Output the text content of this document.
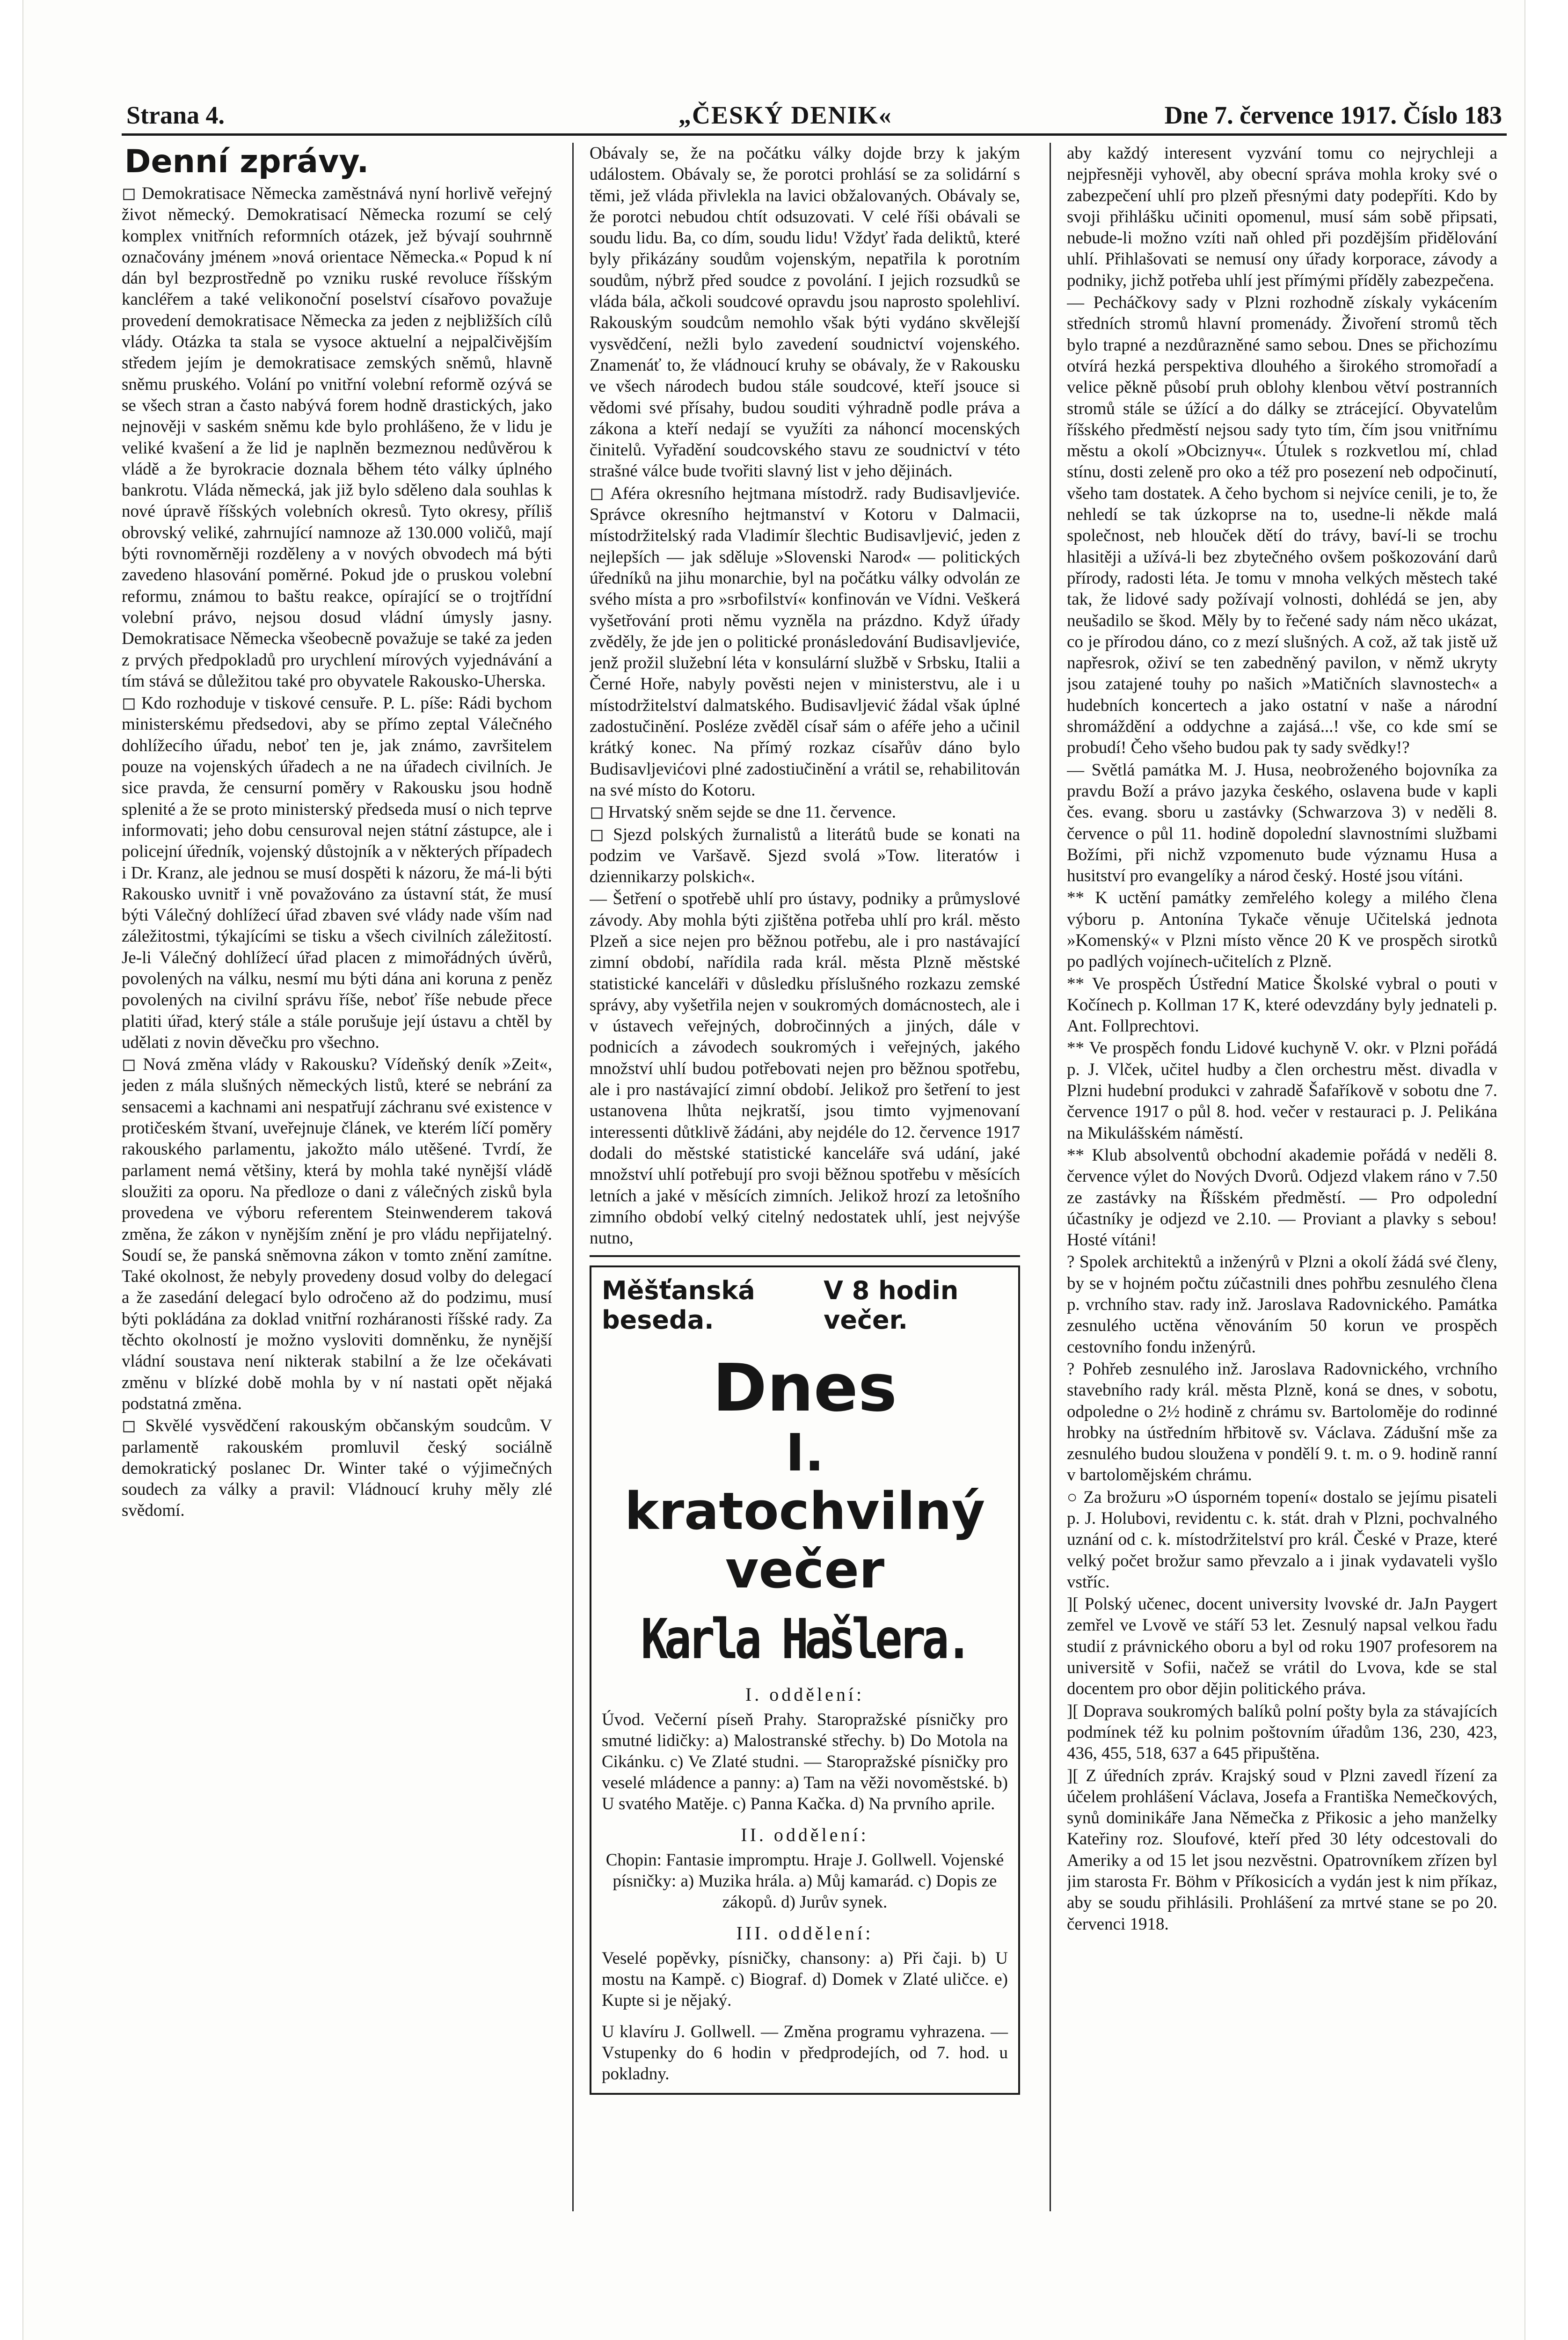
Strana 4.	„ČESKÝ DENIK«	Dne 7. července 1917. Číslo 183
Denní zprávy.

◻ Demokratisace Německa zaměstnává nyní horlivě veřejný život německý. Demokratisací Německa rozumí se celý komplex vnitřních reformních otázek, jež bývají souhrnně označovány jménem »nová orientace Německa.« Popud k ní dán byl bezprostředně po vzniku ruské revoluce říšským kancléřem a také velikonoční poselství císařovo považuje provedení demokratisace Německa za jeden z nejbližších cílů vlády. Otázka ta stala se vysoce aktuelní a nejpalčivějším středem jejím je demokratisace zemských sněmů, hlavně sněmu pruského. Volání po vnitřní volební reformě ozývá se se všech stran a často nabývá forem hodně drastických, jako nejnověji v saském sněmu kde bylo prohlášeno, že v lidu je veliké kvašení a že lid je naplněn bezmeznou nedůvěrou k vládě a že byrokracie doznala během této války úplného bankrotu. Vláda německá, jak již bylo sděleno dala souhlas k nové úpravě říšských volebních okresů. Tyto okresy, příliš obrovský veliké, zahrnující namnoze až 130.000 voličů, mají býti rovnoměrněji rozděleny a v nových obvodech má býti zavedeno hlasování poměrné. Pokud jde o pruskou volební reformu, známou to baštu reakce, opírající se o trojtřídní volební právo, nejsou dosud vládní úmysly jasny. Demokratisace Německa všeobecně považuje se také za jeden z prvých předpokladů pro urychlení mírových vyjednávání a tím stává se důležitou také pro obyvatele Rakousko-Uherska.

◻ Kdo rozhoduje v tiskové censuře. P. L. píše: Rádi bychom ministerskému předsedovi, aby se přímo zeptal Válečného dohlížecího úřadu, neboť ten je, jak známo, završitelem pouze na vojenských úřadech a ne na úřadech civilních. Je sice pravda, že censurní poměry v Rakousku jsou hodně splenité a že se proto ministerský předseda musí o nich teprve informovati; jeho dobu censuroval nejen státní zástupce, ale i policejní úředník, vojenský důstojník a v některých případech i Dr. Kranz, ale jednou se musí dospěti k názoru, že má-li býti Rakousko uvnitř i vně považováno za ústavní stát, že musí býti Válečný dohlížecí úřad zbaven své vlády nade vším nad záležitostmi, týkajícími se tisku a všech civilních záležitostí. Je-li Válečný dohlížecí úřad placen z mimořádných úvěrů, povolených na válku, nesmí mu býti dána ani koruna z peněz povolených na civilní správu říše, neboť říše nebude přece platiti úřad, který stále a stále porušuje její ústavu a chtěl by udělati z novin děvečku pro všechno.

◻ Nová změna vlády v Rakousku? Vídeňský deník »Zeit«, jeden z mála slušných německých listů, které se nebrání za sensacemi a kachnami ani nespatřují záchranu své existence v protičeském štvaní, uveřejnuje článek, ve kterém líčí poměry rakouského parlamentu, jakožto málo utěšené. Tvrdí, že parlament nemá většiny, která by mohla také nynější vládě sloužiti za oporu. Na předloze o dani z válečných zisků byla provedena ve výboru referentem Steinwenderem taková změna, že zákon v nynějším znění je pro vládu nepřijatelný. Soudí se, že panská sněmovna zákon v tomto znění zamítne. Také okolnost, že nebyly provedeny dosud volby do delegací a že zasedání delegací bylo odročeno až do podzimu, musí býti pokládána za doklad vnitřní rozháranosti říšské rady. Za těchto okolností je možno vysloviti domněnku, že nynější vládní soustava není nikterak stabilní a že lze očekávati změnu v blízké době mohla by v ní nastati opět nějaká podstatná změna.

◻ Skvělé vysvědčení rakouským občanským soudcům. V parlamentě rakouském promluvil český sociálně demokratický poslanec Dr. Winter také o výjimečných soudech za války a pravil: Vládnoucí kruhy měly zlé svědomí.

Obávaly se, že na počátku války dojde brzy k jakým událostem. Obávaly se, že porotci prohlásí se za solidární s těmi, jež vláda přivlekla na lavici obžalovaných. Obávaly se, že porotci nebudou chtít odsuzovati. V celé říši obávali se soudu lidu. Ba, co dím, soudu lidu! Vždyť řada deliktů, které byly přikázány soudům vojenským, nepatřila k porotním soudům, nýbrž před soudce z povolání. I jejich rozsudků se vláda bála, ačkoli soudcové opravdu jsou naprosto spolehliví. Rakouským soudcům nemohlo však býti vydáno skvělejší vysvědčení, nežli bylo zavedení soudnictví vojenského. Znamenáť to, že vládnoucí kruhy se obávaly, že v Rakousku ve všech národech budou stále soudcové, kteří jsouce si vědomi své přísahy, budou souditi výhradně podle práva a zákona a kteří nedají se využíti za náhoncí mocenských činitelů. Vyřadění soudcovského stavu ze soudnictví v této strašné válce bude tvořiti slavný list v jeho dějinách.

◻ Aféra okresního hejtmana místodrž. rady Budisavljeviće. Správce okresního hejtmanství v Kotoru v Dalmacii, místodržitelský rada Vladimír šlechtic Budisavljević, jeden z nejlepších — jak sděluje »Slovenski Narod« — politických úředníků na jihu monarchie, byl na počátku války odvolán ze svého místa a pro »srbofilství« konfinován ve Vídni. Veškerá vyšetřování proti němu vyzněla na prázdno. Když úřady zvěděly, že jde jen o politické pronásledování Budisavljeviće, jenž prožil služební léta v konsulární službě v Srbsku, Italii a Černé Hoře, nabyly pověsti nejen v ministerstvu, ale i u místodržitelství dalmatského. Budisavljević žádal však úplné zadostučinění. Posléze zvěděl císař sám o aféře jeho a učinil krátký konec. Na přímý rozkaz císařův dáno bylo Budisavljevićovi plné zadostiučinění a vrátil se, rehabilitován na své místo do Kotoru.

◻ Hrvatský sněm sejde se dne 11. července.

◻ Sjezd polských žurnalistů a literátů bude se konati na podzim ve Varšavě. Sjezd svolá »Tow. literatów i dziennikarzy polskich«.

— Šetření o spotřebě uhlí pro ústavy, podniky a průmyslové závody. Aby mohla býti zjištěna potřeba uhlí pro král. město Plzeň a sice nejen pro běžnou potřebu, ale i pro nastávající zimní období, nařídila rada král. města Plzně městské statistické kanceláři v důsledku příslušného rozkazu zemské správy, aby vyšetřila nejen v soukromých domácnostech, ale i v ústavech veřejných, dobročinných a jiných, dále v podnicích a závodech soukromých i veřejných, jakého množství uhlí budou potřebovati nejen pro běžnou spotřebu, ale i pro nastávající zimní období. Jelikož pro šetření to jest ustanovena lhůta nejkratší, jsou timto vyjmenovaní interessenti důtklivě žádáni, aby nejdéle do 12. července 1917 dodali do městské statistické kanceláře svá udání, jaké množství uhlí potřebují pro svoji běžnou spotřebu v měsících letních a jaké v měsících zimních. Jelikož hrozí za letošního zimního období velký citelný nedostatek uhlí, jest nejvýše nutno,

Měšťanská beseda.
V 8 hodin večer.
Dnes
I. kratochvilný
večer
Karla Hašlera.
I. oddělení:
Úvod. Večerní píseň Prahy. Staropražské písničky pro smutné lidičky: a) Malostranské střechy. b) Do Motola na Cikánku. c) Ve Zlaté studni. — Staropražské písničky pro veselé mládence a panny: a) Tam na věži novoměstské. b) U svatého Matěje. c) Panna Kačka. d) Na prvního aprile.
II. oddělení:
Chopin: Fantasie impromptu. Hraje J. Gollwell. Vojenské písničky: a) Muzika hrála. a) Můj kamarád. c) Dopis ze zákopů. d) Jurův synek.
III. oddělení:
Veselé popěvky, písničky, chansony: a) Při čaji. b) U mostu na Kampě. c) Biograf. d) Domek v Zlaté uličce. e) Kupte si je nějaký.
U klavíru J. Gollwell. — Změna programu vyhrazena. — Vstupenky do 6 hodin v předprodejích, od 7. hod. u pokladny.

aby každý interesent vyzvání tomu co nejrychleji a nejpřesněji vyhověl, aby obecní správa mohla kroky své o zabezpečení uhlí pro plzeň přesnými daty podepříti. Kdo by svoji přihlášku učiniti opomenul, musí sám sobě připsati, nebude-li možno vzíti naň ohled při pozdějším přidělování uhlí. Přihlašovati se nemusí ony úřady korporace, závody a podniky, jichž potřeba uhlí jest přímými příděly zabezpečena.

— Pecháčkovy sady v Plzni rozhodně získaly vykácením středních stromů hlavní promenády. Živoření stromů těch bylo trapné a nezdůrazněné samo sebou. Dnes se přichozímu otvírá hezká perspektiva dlouhého a širokého stromořadí a velice pěkně působí pruh oblohy klenbou větví postranních stromů stále se úžící a do dálky se ztrácející. Obyvatelům říšského předměstí nejsou sady tyto tím, čím jsou vnitřnímu městu a okolí »Obciznyч«. Útulek s rozkvetlou mí, chlad stínu, dosti zeleně pro oko a též pro posezení neb odpočinutí, všeho tam dostatek. A čeho bychom si nejvíce cenili, je to, že nehledí se tak úzkoprse na to, usedne-li někde malá společnost, neb hlouček dětí do trávy, baví-li se trochu hlasitěji a užívá-li bez zbytečného ovšem poškozování darů přírody, radosti léta. Je tomu v mnoha velkých městech také tak, že lidové sady požívají volnosti, dohlédá se jen, aby neušadilo se škod. Měly by to řečené sady nám něco ukázat, co je přírodou dáno, co z mezí slušných. A což, až tak jistě už napřesrok, oživí se ten zabedněný pavilon, v němž ukryty jsou zatajené touhy po našich »Matičních slavnostech« a hudebních koncertech a jako ostatní v naše a národní shromáždění a oddychne a zajásá...! vše, co kde smí se probudí! Čeho všeho budou pak ty sady svědky!?

— Světlá památka M. J. Husa, neobroženého bojovníka za pravdu Boží a právo jazyka českého, oslavena bude v kapli čes. evang. sboru u zastávky (Schwarzova 3) v neděli 8. července o půl 11. hodině dopolední slavnostními službami Božími, při nichž vzpomenuto bude významu Husa a husitství pro evangelíky a národ český. Hosté jsou vítáni.

** K uctění památky zemřelého kolegy a milého člena výboru p. Antonína Tykače věnuje Učitelská jednota »Komenský« v Plzni místo věnce 20 K ve prospěch sirotků po padlých vojínech-učitelích z Plzně.

** Ve prospěch Ústřední Matice Školské vybral o pouti v Kočínech p. Kollman 17 K, které odevzdány byly jednateli p. Ant. Follprechtovi.

** Ve prospěch fondu Lidové kuchyně V. okr. v Plzni pořádá p. J. Vlček, učitel hudby a člen orchestru měst. divadla v Plzni hudební produkci v zahradě Šafaříkově v sobotu dne 7. července 1917 o půl 8. hod. večer v restauraci p. J. Pelikána na Mikulášském náměstí.

** Klub absolventů obchodní akademie pořádá v neděli 8. července výlet do Nových Dvorů. Odjezd vlakem ráno v 7.50 ze zastávky na Říšském předměstí. — Pro odpolední účastníky je odjezd ve 2.10. — Proviant a plavky s sebou! Hosté vítáni!

? Spolek architektů a inženýrů v Plzni a okolí žádá své členy, by se v hojném počtu zúčastnili dnes pohřbu zesnulého člena p. vrchního stav. rady inž. Jaroslava Radovnického. Památka zesnulého uctěna věnováním 50 korun ve prospěch cestovního fondu inženýrů.

? Pohřeb zesnulého inž. Jaroslava Radovnického, vrchního stavebního rady král. města Plzně, koná se dnes, v sobotu, odpoledne o 2½ hodině z chrámu sv. Bartoloměje do rodinné hrobky na ústředním hřbitově sv. Václava. Zádušní mše za zesnulého budou sloužena v pondělí 9. t. m. o 9. hodině ranní v bartolomějském chrámu.

○ Za brožuru »O úsporném topení« dostalo se jejímu pisateli p. J. Holubovi, revidentu c. k. stát. drah v Plzni, pochvalného uznání od c. k. místodržitelství pro král. České v Praze, které velký počet brožur samo převzalo a i jinak vydavateli vyšlo vstříc.

][ Polský učenec, docent university lvovské dr. JaJn Paygert zemřel ve Lvově ve stáří 53 let. Zesnulý napsal velkou řadu studií z právnického oboru a byl od roku 1907 profesorem na universitě v Sofii, načež se vrátil do Lvova, kde se stal docentem pro obor dějin politického práva.

][ Doprava soukromých balíků polní pošty byla za stávajících podmínek též ku polnim poštovním úřadům 136, 230, 423, 436, 455, 518, 637 a 645 připuštěna.

][ Z úředních zpráv. Krajský soud v Plzni zavedl řízení za účelem prohlášení Václava, Josefa a Františka Nemečkových, synů dominikáře Jana Němečka z Přikosic a jeho manželky Kateřiny roz. Sloufové, kteří před 30 léty odcestovali do Ameriky a od 15 let jsou nezvěstni. Opatrovníkem zřízen byl jim starosta Fr. Böhm v Příkosicích a vydán jest k nim příkaz, aby se soudu přihlásili. Prohlášení za mrtvé stane se po 20. červenci 1918.
